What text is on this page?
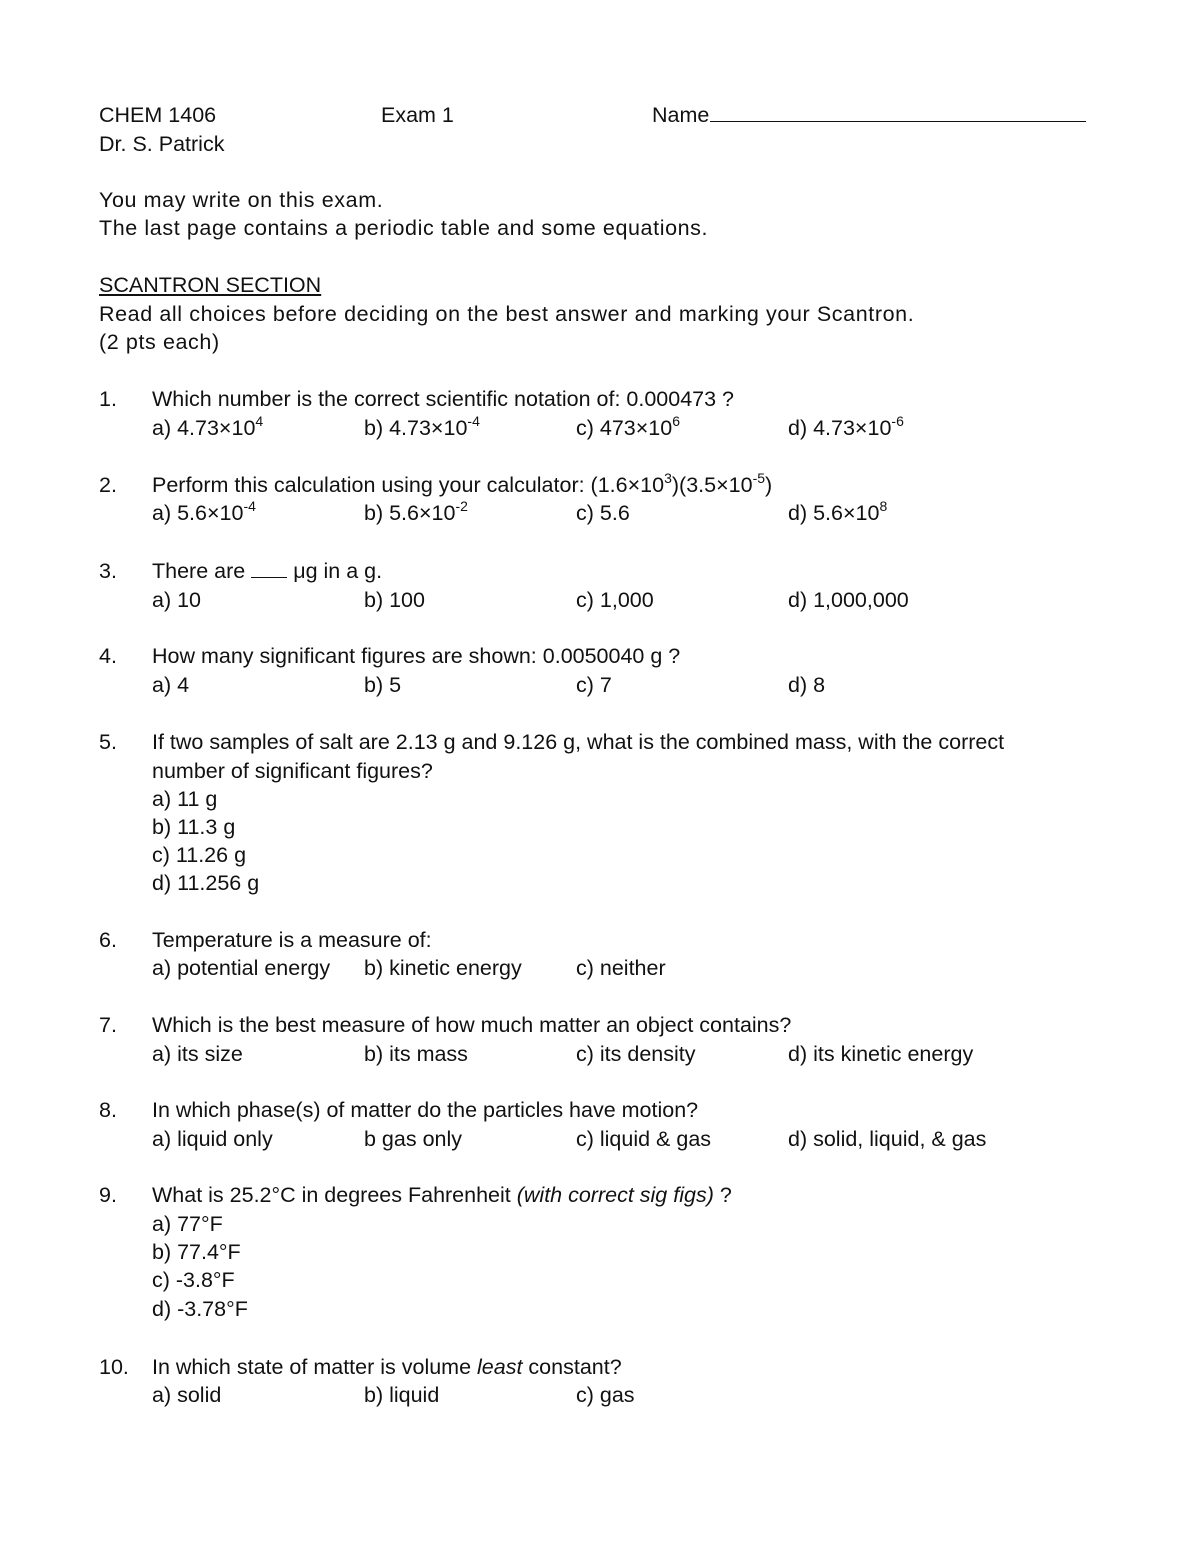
CHEM 1406	Exam 1	Name
Dr. S. Patrick
You may write on this exam.
The last page contains a periodic table and some equations.
SCANTRON SECTION
Read all choices before deciding on the best answer and marking your Scantron.
(2 pts each)
1. Which number is the correct scientific notation of: 0.000473 ?
a) $4.73\times 10^4$	b) $4.73\times 10^{-4}$	c) $473\times 10^6$	d) $4.73\times 10^{-6}$
2. Perform this calculation using your calculator: $(1.6\times 10^3)(3.5\times 10^{-5})$
a) $5.6\times 10^{-4}$	b) $5.6\times 10^{-2}$	c) 5.6	d) $5.6\times 10^8$
3. There are μg in a g.
a) 10	b) 100	c) 1,000	d) 1,000,000
4. How many significant figures are shown: 0.0050040 g ?
a) 4	b) 5	c) 7	d) 8
5. If two samples of salt are 2.13 g and 9.126 g, what is the combined mass, with the correct
number of significant figures?
a) 11 g
b) 11.3 g
c) 11.26 g
d) 11.256 g
6. Temperature is a measure of:
a) potential energy b) kinetic energy	c) neither
7. Which is the best measure of how much matter an object contains?
a) its size	b) its mass	c) its density	d) its kinetic energy
8. In which phase(s) of matter do the particles have motion?
a) liquid only	b gas only	c) liquid & gas	d) solid, liquid, & gas
9. What is 25.2°C in degrees Fahrenheit (with correct sig figs) ?
a) 77°F
b) 77.4°F
c) -3.8°F
d) -3.78°F
10. In which state of matter is volume least constant?
a) solid	b) liquid	c) gas
